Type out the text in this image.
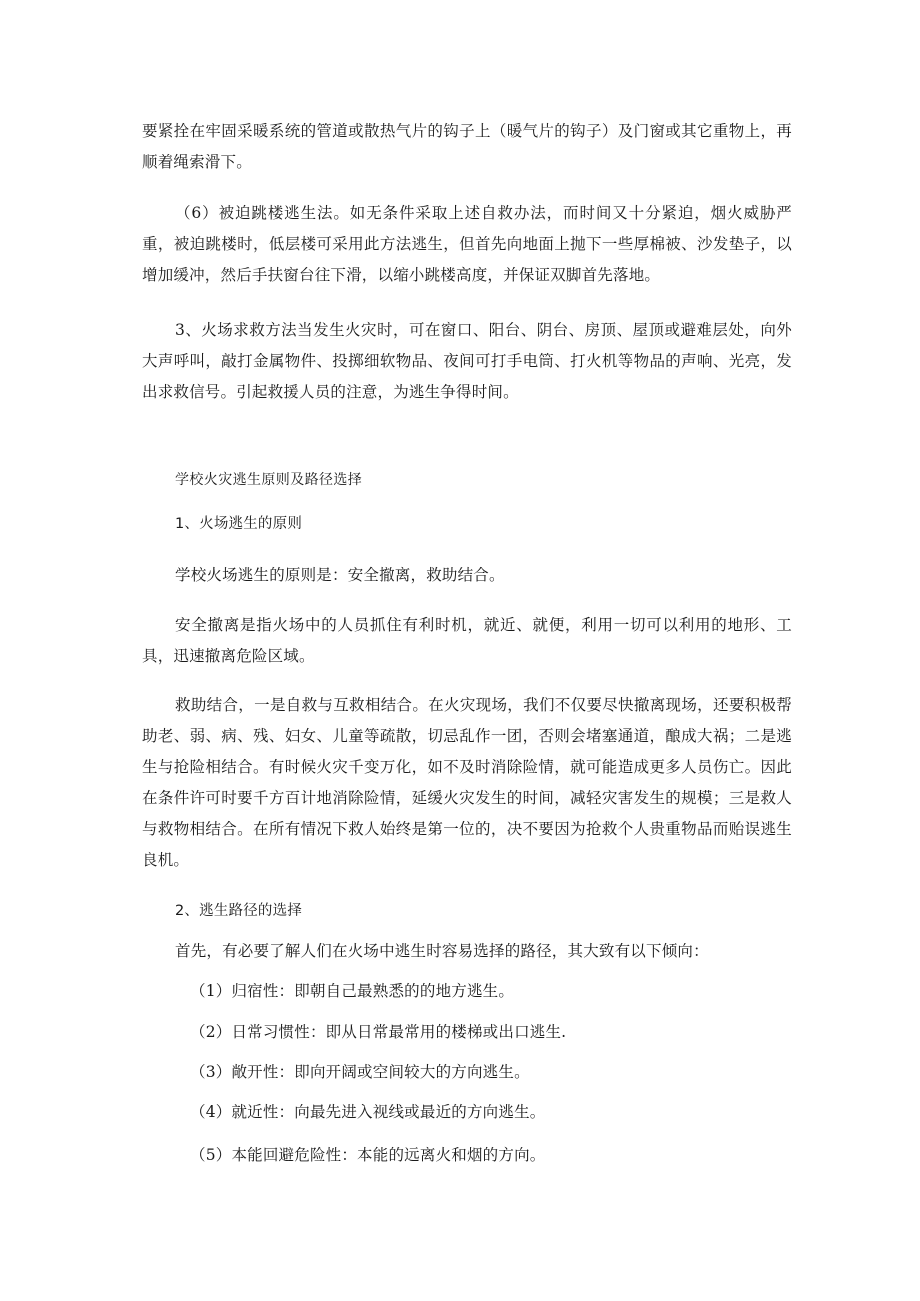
要紧拴在牢固采暖系统的管道或散热气片的钩子上（暖气片的钩子）及门窗或其它重物上，再顺着绳索滑下。

（6）被迫跳楼逃生法。如无条件采取上述自救办法，而时间又十分紧迫，烟火威胁严重，被迫跳楼时，低层楼可采用此方法逃生，但首先向地面上抛下一些厚棉被、沙发垫子，以增加缓冲，然后手扶窗台往下滑，以缩小跳楼高度，并保证双脚首先落地。

3、火场求救方法当发生火灾时，可在窗口、阳台、阴台、房顶、屋顶或避难层处，向外大声呼叫，敲打金属物件、投掷细软物品、夜间可打手电筒、打火机等物品的声响、光亮，发出求救信号。引起救援人员的注意，为逃生争得时间。

学校火灾逃生原则及路径选择

1、火场逃生的原则

学校火场逃生的原则是：安全撤离，救助结合。

安全撤离是指火场中的人员抓住有利时机，就近、就便，利用一切可以利用的地形、工具，迅速撤离危险区域。

救助结合，一是自救与互救相结合。在火灾现场，我们不仅要尽快撤离现场，还要积极帮助老、弱、病、残、妇女、儿童等疏散，切忌乱作一团，否则会堵塞通道，酿成大祸；二是逃生与抢险相结合。有时候火灾千变万化，如不及时消除险情，就可能造成更多人员伤亡。因此在条件许可时要千方百计地消除险情，延缓火灾发生的时间，减轻灾害发生的规模；三是救人与救物相结合。在所有情况下救人始终是第一位的，决不要因为抢救个人贵重物品而贻误逃生良机。

2、逃生路径的选择

首先，有必要了解人们在火场中逃生时容易选择的路径，其大致有以下倾向：

（1）归宿性：即朝自己最熟悉的的地方逃生。

（2）日常习惯性：即从日常最常用的楼梯或出口逃生.

（3）敞开性：即向开阔或空间较大的方向逃生。

（4）就近性：向最先进入视线或最近的方向逃生。

（5）本能回避危险性：本能的远离火和烟的方向。
